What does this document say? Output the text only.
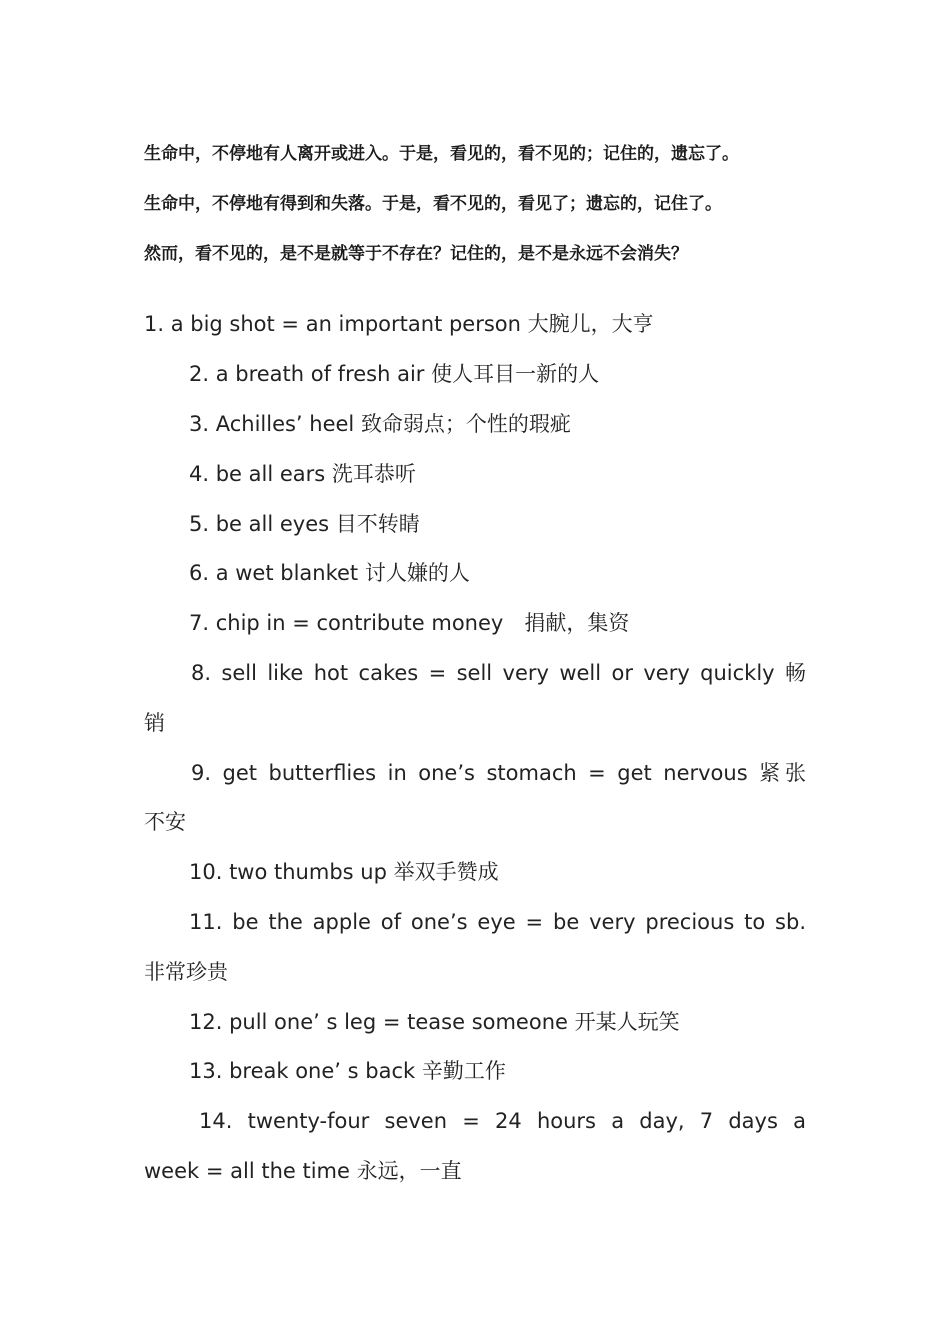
生命中，不停地有人离开或进入。于是，看见的，看不见的；记住的，遗忘了。
生命中，不停地有得到和失落。于是，看不见的，看见了；遗忘的，记住了。
然而，看不见的，是不是就等于不存在？记住的，是不是永远不会消失？
1. a big shot = an important person 大腕儿，大亨
2. a breath of fresh air 使人耳目一新的人
3. Achilles’ heel 致命弱点；个性的瑕疵
4. be all ears 洗耳恭听
5. be all eyes 目不转睛
6. a wet blanket 讨人嫌的人
7. chip in = contribute money　捐献，集资
8. sell like hot cakes = sell very well or very quickly 畅
销
9. get butterflies in one’s stomach = get nervous 紧张
不安
10. two thumbs up 举双手赞成
11. be the apple of one’s eye = be very precious to sb.
非常珍贵
12. pull one’ s leg = tease someone 开某人玩笑
13. break one’ s back 辛勤工作
14. twenty-four seven = 24 hours a day, 7 days a
week = all the time 永远，一直
